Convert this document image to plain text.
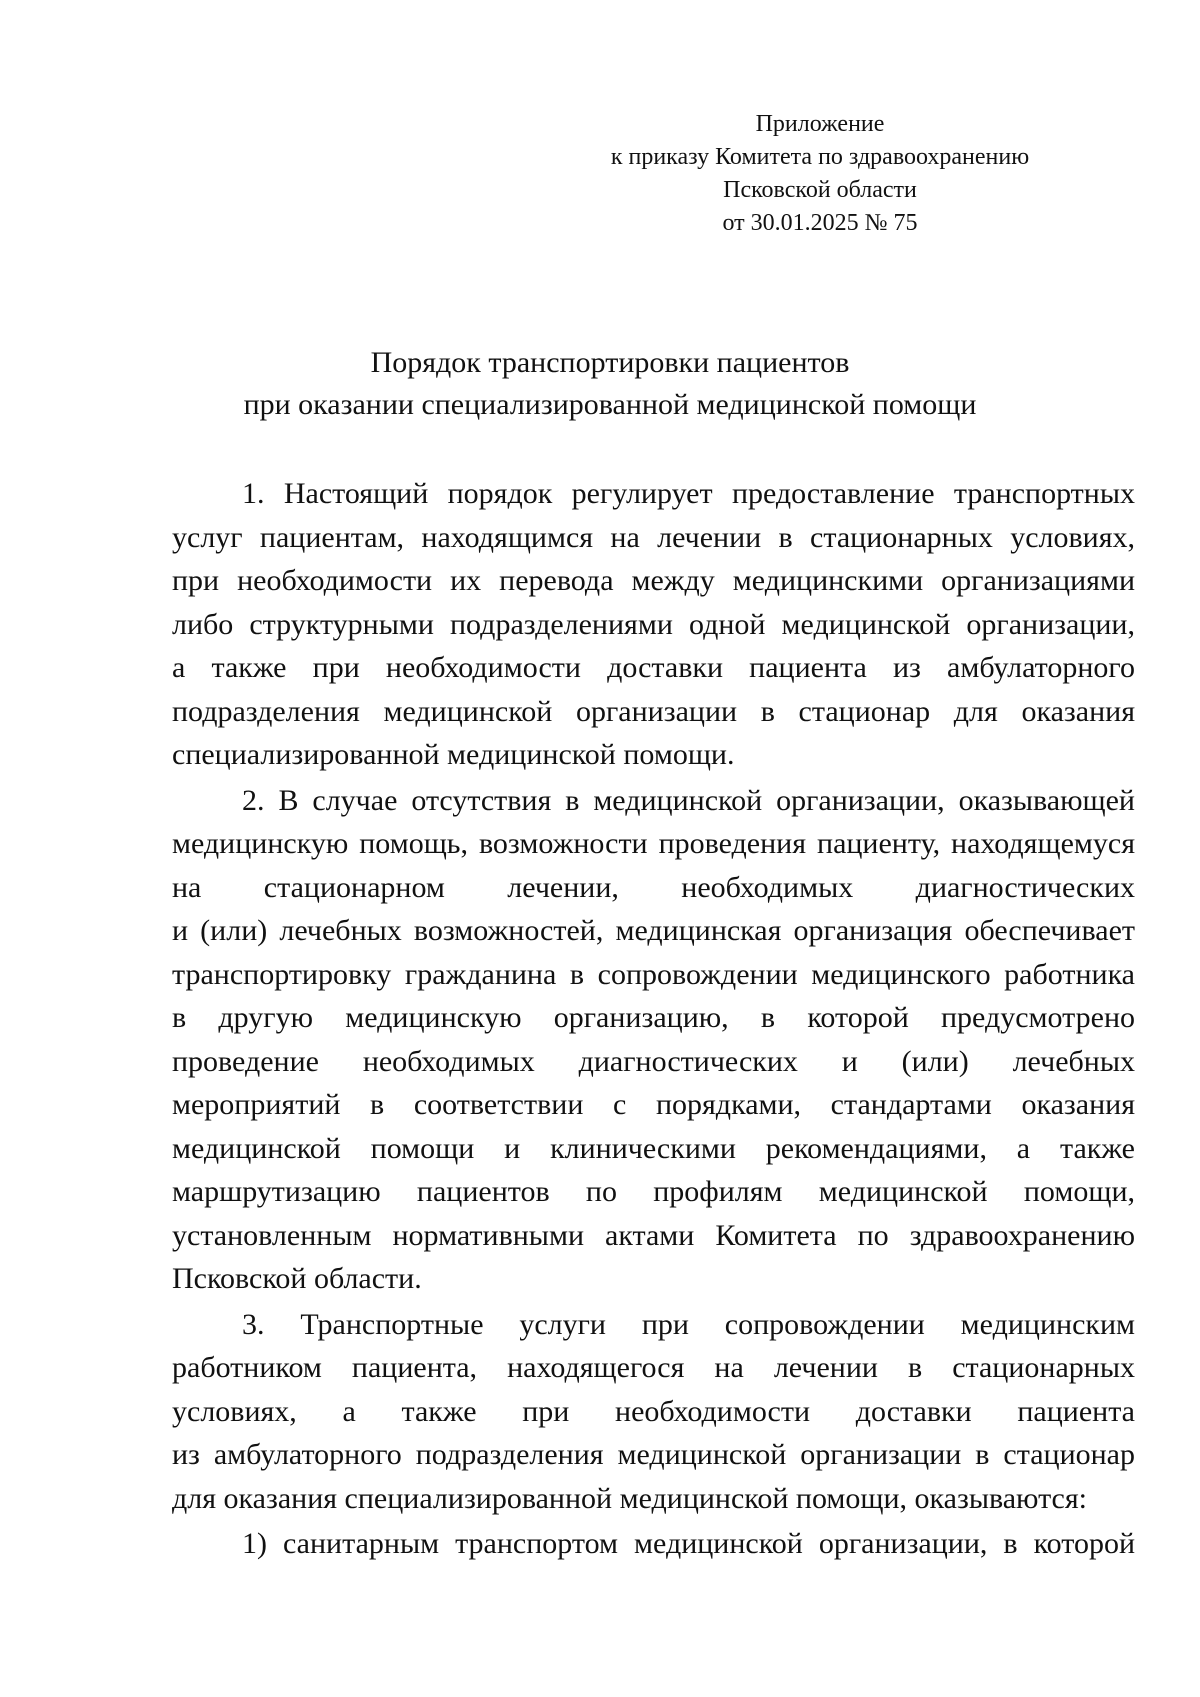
Приложение
к приказу Комитета по здравоохранению
Псковской области
от 30.01.2025 № 75
Порядок транспортировки пациентов
при оказании специализированной медицинской помощи
1. Настоящий порядок регулирует предоставление транспортных
услуг пациентам, находящимся на лечении в стационарных условиях,
при необходимости их перевода между медицинскими организациями
либо структурными подразделениями одной медицинской организации,
а также при необходимости доставки пациента из амбулаторного
подразделения медицинской организации в стационар для оказания
специализированной медицинской помощи.
2. В случае отсутствия в медицинской организации, оказывающей
медицинскую помощь, возможности проведения пациенту, находящемуся
на стационарном лечении, необходимых диагностических
и (или) лечебных возможностей, медицинская организация обеспечивает
транспортировку гражданина в сопровождении медицинского работника
в другую медицинскую организацию, в которой предусмотрено
проведение необходимых диагностических и (или) лечебных
мероприятий в соответствии с порядками, стандартами оказания
медицинской помощи и клиническими рекомендациями, а также
маршрутизацию пациентов по профилям медицинской помощи,
установленным нормативными актами Комитета по здравоохранению
Псковской области.
3. Транспортные услуги при сопровождении медицинским
работником пациента, находящегося на лечении в стационарных
условиях, а также при необходимости доставки пациента
из амбулаторного подразделения медицинской организации в стационар
для оказания специализированной медицинской помощи, оказываются:
1) санитарным транспортом медицинской организации, в которой
